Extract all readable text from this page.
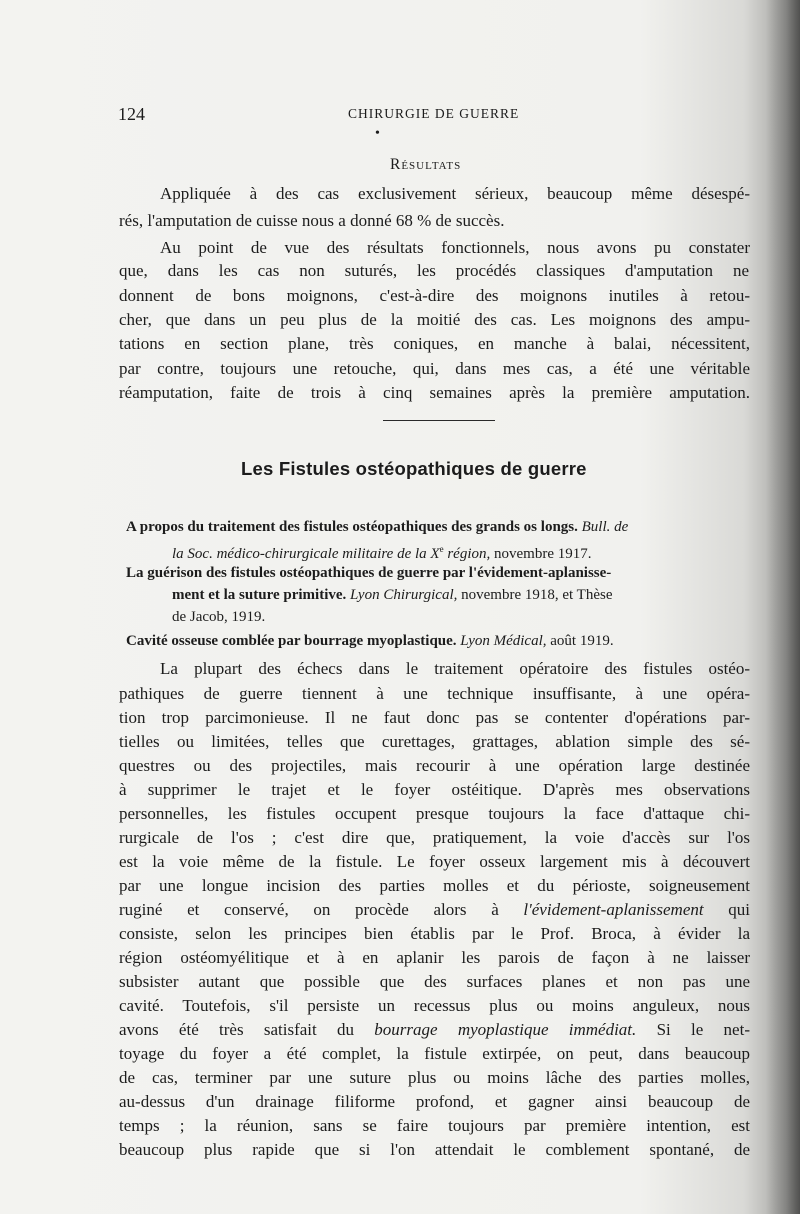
124	CHIRURGIE DE GUERRE
•
Résultats
Appliquée à des cas exclusivement sérieux, beaucoup même désespé-
rés, l'amputation de cuisse nous a donné 68 % de succès.
Au point de vue des résultats fonctionnels, nous avons pu constater
que, dans les cas non suturés, les procédés classiques d'amputation ne
donnent de bons moignons, c'est-à-dire des moignons inutiles à retou-
cher, que dans un peu plus de la moitié des cas. Les moignons des ampu-
tations en section plane, très coniques, en manche à balai, nécessitent,
par contre, toujours une retouche, qui, dans mes cas, a été une véritable
réamputation, faite de trois à cinq semaines après la première amputation.
Les Fistules ostéopathiques de guerre
A propos du traitement des fistules ostéopathiques des grands os longs. Bull. de
la Soc. médico-chirurgicale militaire de la Xe région, novembre 1917.
La guérison des fistules ostéopathiques de guerre par l'évidement-aplanisse-
ment et la suture primitive. Lyon Chirurgical, novembre 1918, et Thèse
de Jacob, 1919.
Cavité osseuse comblée par bourrage myoplastique. Lyon Médical, août 1919.
La plupart des échecs dans le traitement opératoire des fistules ostéo-
pathiques de guerre tiennent à une technique insuffisante, à une opéra-
tion trop parcimonieuse. Il ne faut donc pas se contenter d'opérations par-
tielles ou limitées, telles que curettages, grattages, ablation simple des sé-
questres ou des projectiles, mais recourir à une opération large destinée
à supprimer le trajet et le foyer ostéitique. D'après mes observations
personnelles, les fistules occupent presque toujours la face d'attaque chi-
rurgicale de l'os ; c'est dire que, pratiquement, la voie d'accès sur l'os
est la voie même de la fistule. Le foyer osseux largement mis à découvert
par une longue incision des parties molles et du périoste, soigneusement
ruginé et conservé, on procède alors à l'évidement-aplanissement qui
consiste, selon les principes bien établis par le Prof. Broca, à évider la
région ostéomyélitique et à en aplanir les parois de façon à ne laisser
subsister autant que possible que des surfaces planes et non pas une
cavité. Toutefois, s'il persiste un recessus plus ou moins anguleux, nous
avons été très satisfait du bourrage myoplastique immédiat. Si le net-
toyage du foyer a été complet, la fistule extirpée, on peut, dans beaucoup
de cas, terminer par une suture plus ou moins lâche des parties molles,
au-dessus d'un drainage filiforme profond, et gagner ainsi beaucoup de
temps ; la réunion, sans se faire toujours par première intention, est
beaucoup plus rapide que si l'on attendait le comblement spontané, de
